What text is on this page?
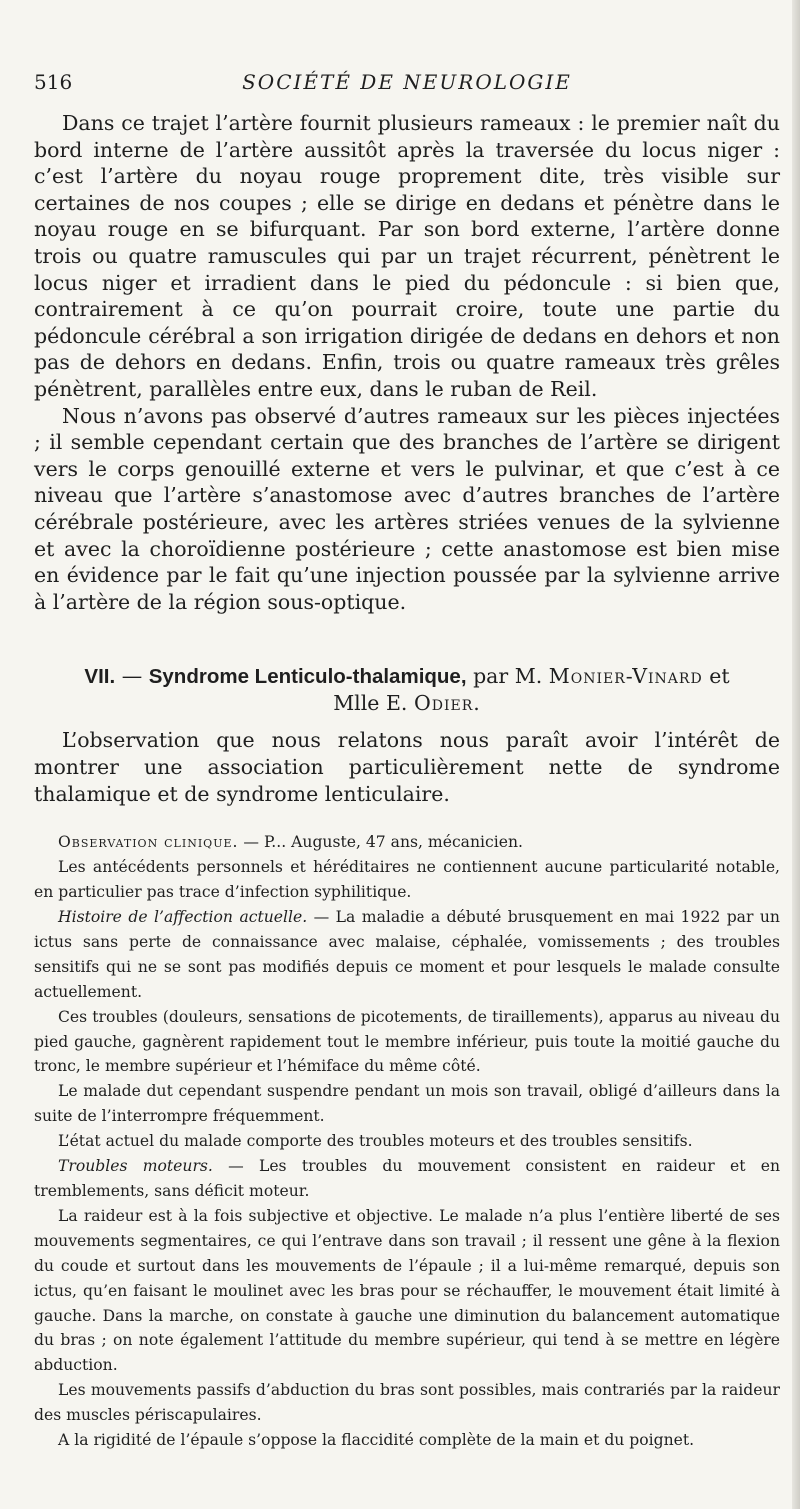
516	SOCIÉTÉ DE NEUROLOGIE

Dans ce trajet l’artère fournit plusieurs rameaux : le premier naît du bord interne de l’artère aussitôt après la traversée du locus niger : c’est l’artère du noyau rouge proprement dite, très visible sur certaines de nos coupes ; elle se dirige en dedans et pénètre dans le noyau rouge en se bifurquant. Par son bord externe, l’artère donne trois ou quatre ramuscules qui par un trajet récurrent, pénètrent le locus niger et irradient dans le pied du pédoncule : si bien que, contrairement à ce qu’on pourrait croire, toute une partie du pédoncule cérébral a son irrigation dirigée de dedans en dehors et non pas de dehors en dedans. Enfin, trois ou quatre rameaux très grêles pénètrent, parallèles entre eux, dans le ruban de Reil.

Nous n’avons pas observé d’autres rameaux sur les pièces injectées ; il semble cependant certain que des branches de l’artère se dirigent vers le corps genouillé externe et vers le pulvinar, et que c’est à ce niveau que l’artère s’anastomose avec d’autres branches de l’artère cérébrale postérieure, avec les artères striées venues de la sylvienne et avec la choroïdienne postérieure ; cette anastomose est bien mise en évidence par le fait qu’une injection poussée par la sylvienne arrive à l’artère de la région sous-optique.

VII. — Syndrome Lenticulo-thalamique, par M. Monier-Vinard et
Mlle E. Odier.

L’observation que nous relatons nous paraît avoir l’intérêt de montrer une association particulièrement nette de syndrome thalamique et de syndrome lenticulaire.

Observation clinique. — P... Auguste, 47 ans, mécanicien.

Les antécédents personnels et héréditaires ne contiennent aucune particularité notable, en particulier pas trace d’infection syphilitique.

Histoire de l’affection actuelle. — La maladie a débuté brusquement en mai 1922 par un ictus sans perte de connaissance avec malaise, céphalée, vomissements ; des troubles sensitifs qui ne se sont pas modifiés depuis ce moment et pour lesquels le malade consulte actuellement.

Ces troubles (douleurs, sensations de picotements, de tiraillements), apparus au niveau du pied gauche, gagnèrent rapidement tout le membre inférieur, puis toute la moitié gauche du tronc, le membre supérieur et l’hémiface du même côté.

Le malade dut cependant suspendre pendant un mois son travail, obligé d’ailleurs dans la suite de l’interrompre fréquemment.

L’état actuel du malade comporte des troubles moteurs et des troubles sensitifs.

Troubles moteurs. — Les troubles du mouvement consistent en raideur et en tremblements, sans déficit moteur.

La raideur est à la fois subjective et objective. Le malade n’a plus l’entière liberté de ses mouvements segmentaires, ce qui l’entrave dans son travail ; il ressent une gêne à la flexion du coude et surtout dans les mouvements de l’épaule ; il a lui-même remarqué, depuis son ictus, qu’en faisant le moulinet avec les bras pour se réchauffer, le mouvement était limité à gauche. Dans la marche, on constate à gauche une diminution du balancement automatique du bras ; on note également l’attitude du membre supérieur, qui tend à se mettre en légère abduction.

Les mouvements passifs d’abduction du bras sont possibles, mais contrariés par la raideur des muscles périscapulaires.

A la rigidité de l’épaule s’oppose la flaccidité complète de la main et du poignet.
